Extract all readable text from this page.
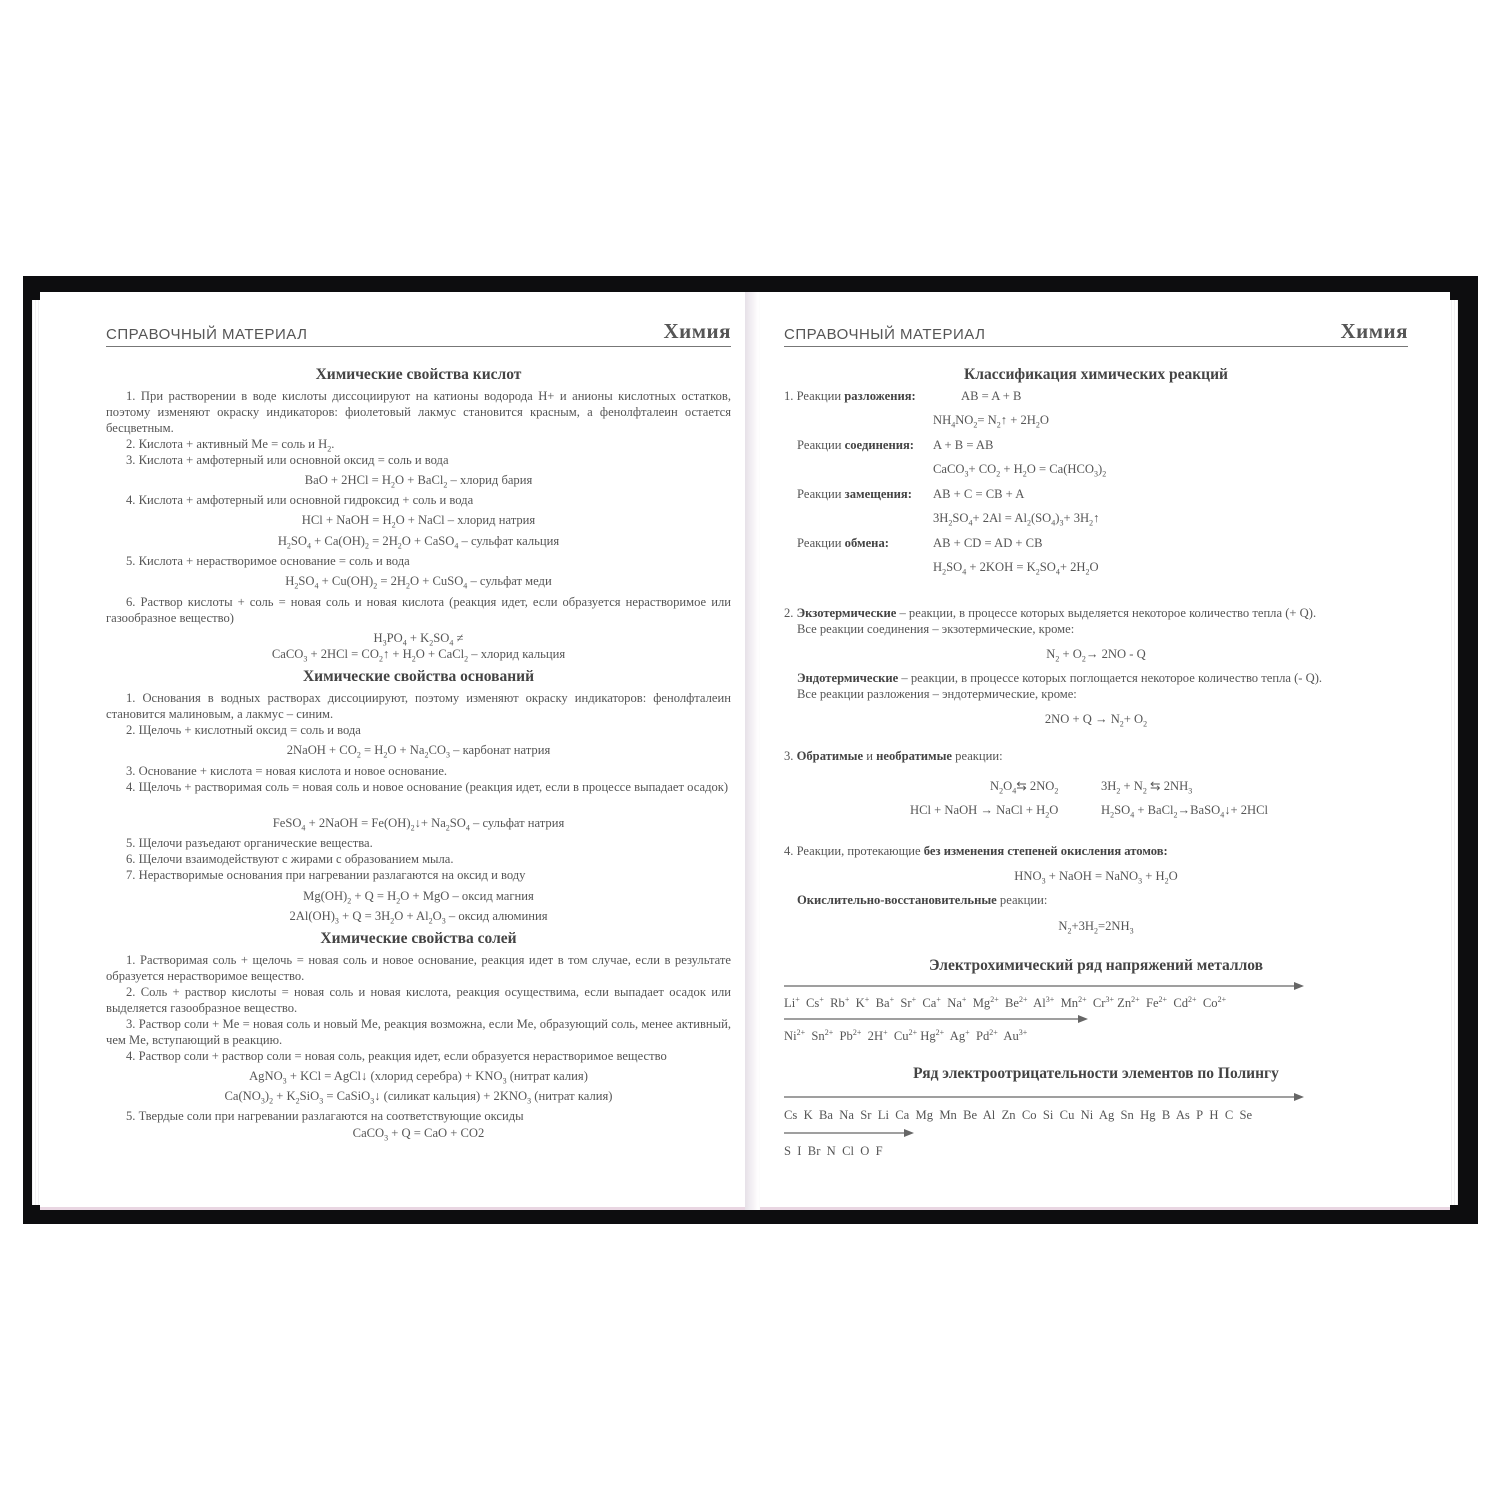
СПРАВОЧНЫЙ МАТЕРИАЛ	Химия
Химические свойства кислот
1. При растворении в воде кислоты диссоциируют на катионы водорода H+ и анионы кислотных остатков, поэтому изменяют окраску индикаторов: фиолетовый лакмус становится красным, а фенолфталеин остается бесцветным.
2. Кислота + активный Me = соль и $H_2$.
3. Кислота + амфотерный или основной оксид = соль и вода
BaO + $2HCl = H_2O$ + BaCl$_2$ – хлорид бария
4. Кислота + амфотерный или основной гидроксид + соль и вода
HCl + NaOH = $H_2O$ + NaCl – хлорид натрия
$H_2SO_4 + Ca(OH)_2 = 2H_2O$ + CaSO$_4$ – сульфат кальция
5. Кислота + нерастворимое основание = соль и вода
$H_2SO_4 + Cu(OH)_2 = 2H_2O$ + CuSO$_4$ – сульфат меди
6. Раствор кислоты + соль = новая соль и новая кислота (реакция идет, если образуется нерастворимое или газообразное вещество)
$H_3PO_4 + K_2SO_4$ ≠
CaCO$_3$ + $2HCl = CO_2↑ + H_2O$ + CaCl$_2$ – хлорид кальция
Химические свойства оснований
1. Основания в водных растворах диссоциируют, поэтому изменяют окраску индикаторов: фенолфталеин становится малиновым, а лакмус – синим.
2. Щелочь + кислотный оксид = соль и вода
2NaOH + $CO_2 = H_2O + Na_2CO_3$ – карбонат натрия
3. Основание + кислота = новая кислота и новое основание.
4. Щелочь + растворимая соль = новая соль и новое основание (реакция идет, если в процессе выпадает осадок)
FeSO$_4$ + 2NaOH = $Fe(OH)_2↓+ Na_2SO_4$ – сульфат натрия
5. Щелочи разъедают органические вещества.
6. Щелочи взаимодействуют с жирами с образованием мыла.
7. Нерастворимые основания при нагревании разлагаются на оксид и воду
$Mg(OH)_2 + Q = H_2O$ + MgO – оксид магния
$2Al(OH)_3 + Q = 3H_2O + Al_2O_3$ – оксид алюминия
Химические свойства солей
1. Растворимая соль + щелочь = новая соль и новое основание, реакция идет в том случае, если в результате образуется нерастворимое вещество.
2. Соль + раствор кислоты = новая соль и новая кислота, реакция осуществима, если выпадает осадок или выделяется газообразное вещество.
3. Раствор соли + Me = новая соль и новый Me, реакция возможна, если Me, образующий соль, менее активный, чем Me, вступающий в реакцию.
4. Раствор соли + раствор соли = новая соль, реакция идет, если образуется нерастворимое вещество
AgNO$_3$ + KCl = AgCl↓ (хлорид серебра) + $KNO_3$ (нитрат калия)
$Ca(NO_3)_2 + K_2SiO_3$ = CaSiO$_3$↓ (силикат кальция) + $2KNO_3$ (нитрат калия)
5. Твердые соли при нагревании разлагаются на соответствующие оксиды
CaCO$_3$ + Q = CaO + CO2
СПРАВОЧНЫЙ МАТЕРИАЛ	Химия
Классификация химических реакций
1. Реакции разложения:	AB = A + B
$NH_4NO_2=$ $N_2↑ + 2H_2O$
Реакции соединения: A + B = AB
CaCO$_3$+ $CO_2 + H_2O = Ca(HCO_3)_2$
Реакции замещения: AB + C = CB + A
$3H_2SO_4+ 2Al = Al_2(SO_4)_3+$ $3H_2↑$
Реакции обмена:	AB + CD = AD + CB
$H_2SO_4 + 2KOH = K_2SO_4+ 2H_2O$
2. Экзотермические – реакции, в процессе которых выделяется некоторое количество тепла (+ Q).
Все реакции соединения – экзотермические, кроме:
$N_2 + O_2\to 2NO - Q$
Эндотермические – реакции, в процессе которых поглощается некоторое количество тепла (- Q).
Все реакции разложения – эндотермические, кроме:
$2NO + Q \to N_2+ O_2$
3. Обратимые и необратимые реакции:
$N_2O_4⇆$ $2NO_2$	$3H_2 + N_2$ ⇆ $2NH_3$
HCl + NaOH → NaCl + $H_2O$	$H_2SO_4$ + BaCl$_2$→BaSO$_4$↓+ 2HCl
4. Реакции, протекающие без изменения степеней окисления атомов:
$HNO_3$ + NaOH = NaNO$_3$ + $H_2O$
Окислительно-восстановительные реакции:
$N_2+3H_2=2NH_3$
Электрохимический ряд напряжений металлов
Li+  Cs+  Rb+  K+  Ba+  Sr+  Ca+  Na+  $Mg^{2+}$  $Be^{2+}$  $Al^{3+}$  $Mn^{2+}$  $Cr^{3+}$ $Zn^{2+}$  $Fe^{2+}$  $Cd^{2+}$  $Co^{2+}$
$Ni^{2+}$  $Sn^{2+}$  $Pb^{2+}$  2H+  $Cu^{2+}$ $Hg^{2+}$  Ag+  $Pd^{2+}$  $Au^{3+}$
Ряд электроотрицательности элементов по Полингу
Cs  K  Ba  Na  Sr  Li  Ca  Mg  Mn  Be  Al  Zn  Co  Si  Cu  Ni  Ag  Sn  Hg  B  As  P  H  C  Se
S  I  Br  N  Cl  O  F
